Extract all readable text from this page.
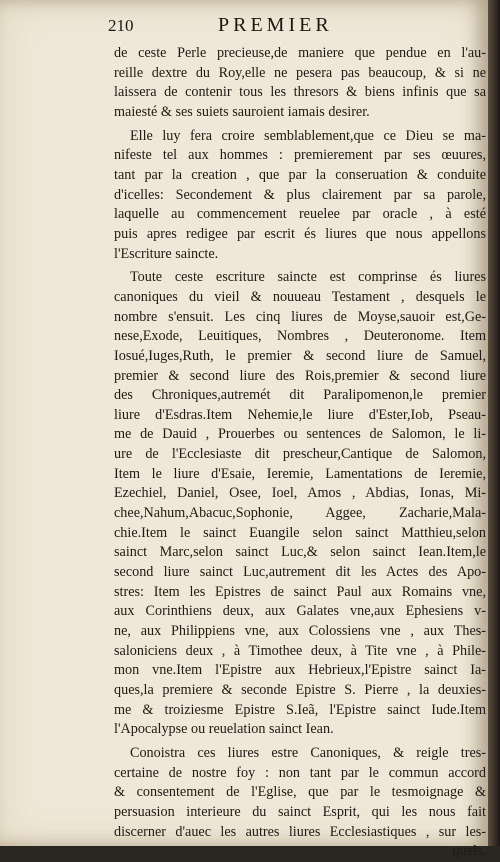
210	PREMIER
de ceste Perle precieuse,de maniere que pendue en l'au-
reille dextre du Roy,elle ne pesera pas beaucoup, & si ne
laissera de contenir tous les thresors & biens infinis que sa
maiesté & ses suiets sauroient iamais desirer.
Elle luy fera croire semblablement,que ce Dieu se ma-
nifeste tel aux hommes : premierement par ses œuures,
tant par la creation , que par la conseruation & conduite
d'icelles: Secondement & plus clairement par sa parole,
laquelle au commencement reuelee par oracle , à esté
puis apres redigee par escrit és liures que nous appellons
l'Escriture saincte.
Toute ceste escriture saincte est comprinse és liures
canoniques du vieil & nouueau Testament , desquels le
nombre s'ensuit. Les cinq liures de Moyse,sauoir est,Ge-
nese,Exode, Leuitiques, Nombres , Deuteronome. Item
Iosué,Iuges,Ruth, le premier & second liure de Samuel,
premier & second liure des Rois,premier & second liure
des Chroniques,autremét dit Paralipomenon,le premier
liure d'Esdras.Item Nehemie,le liure d'Ester,Iob, Pseau-
me de Dauid , Prouerbes ou sentences de Salomon, le li-
ure de l'Ecclesiaste dit prescheur,Cantique de Salomon,
Item le liure d'Esaie, Ieremie, Lamentations de Ieremie,
Ezechiel, Daniel, Osee, Ioel, Amos , Abdias, Ionas, Mi-
chee,Nahum,Abacuc,Sophonie, Aggee, Zacharie,Mala-
chie.Item le sainct Euangile selon sainct Matthieu,selon
sainct Marc,selon sainct Luc,& selon sainct Iean.Item,le
second liure sainct Luc,autrement dit les Actes des Apo-
stres: Item les Epistres de sainct Paul aux Romains vne,
aux Corinthiens deux, aux Galates vne,aux Ephesiens v-
ne, aux Philippiens vne, aux Colossiens vne , aux Thes-
saloniciens deux , à Timothee deux, à Tite vne , à Phile-
mon vne.Item l'Epistre aux Hebrieux,l'Epistre sainct Ia-
ques,la premiere & seconde Epistre S. Pierre , la deuxies-
me & troiziesme Epistre S.Ieã, l'Epistre sainct Iude.Item
l'Apocalypse ou reuelation sainct Iean.
Conoistra ces liures estre Canoniques, & reigle tres-
certaine de nostre foy : non tant par le commun accord
& consentement de l'Eglise, que par le tesmoignage &
persuasion interieure du sainct Esprit, qui les nous fait
discerner d'auec les autres liures Ecclesiastiques , sur les-
quels,
